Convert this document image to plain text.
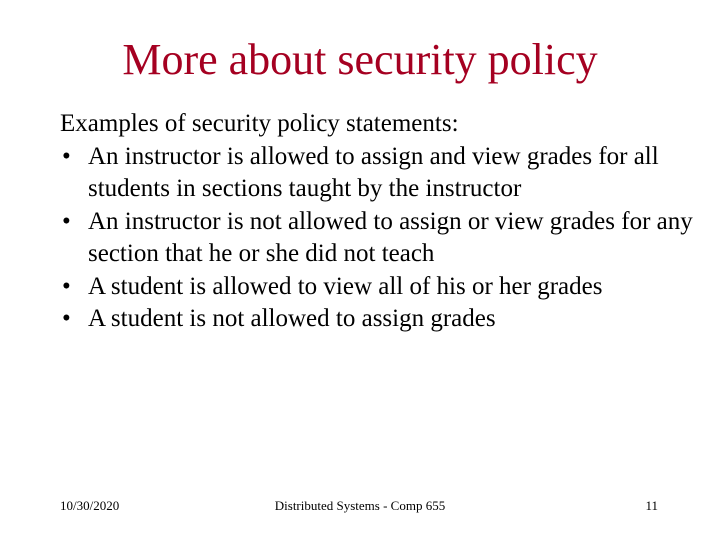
More about security policy
Examples of security policy statements:
• An instructor is allowed to assign and view grades for all students in sections taught by the instructor
• An instructor is not allowed to assign or view grades for any section that he or she did not teach
• A student is allowed to view all of his or her grades
• A student is not allowed to assign grades
10/30/2020	Distributed Systems - Comp 655	11
